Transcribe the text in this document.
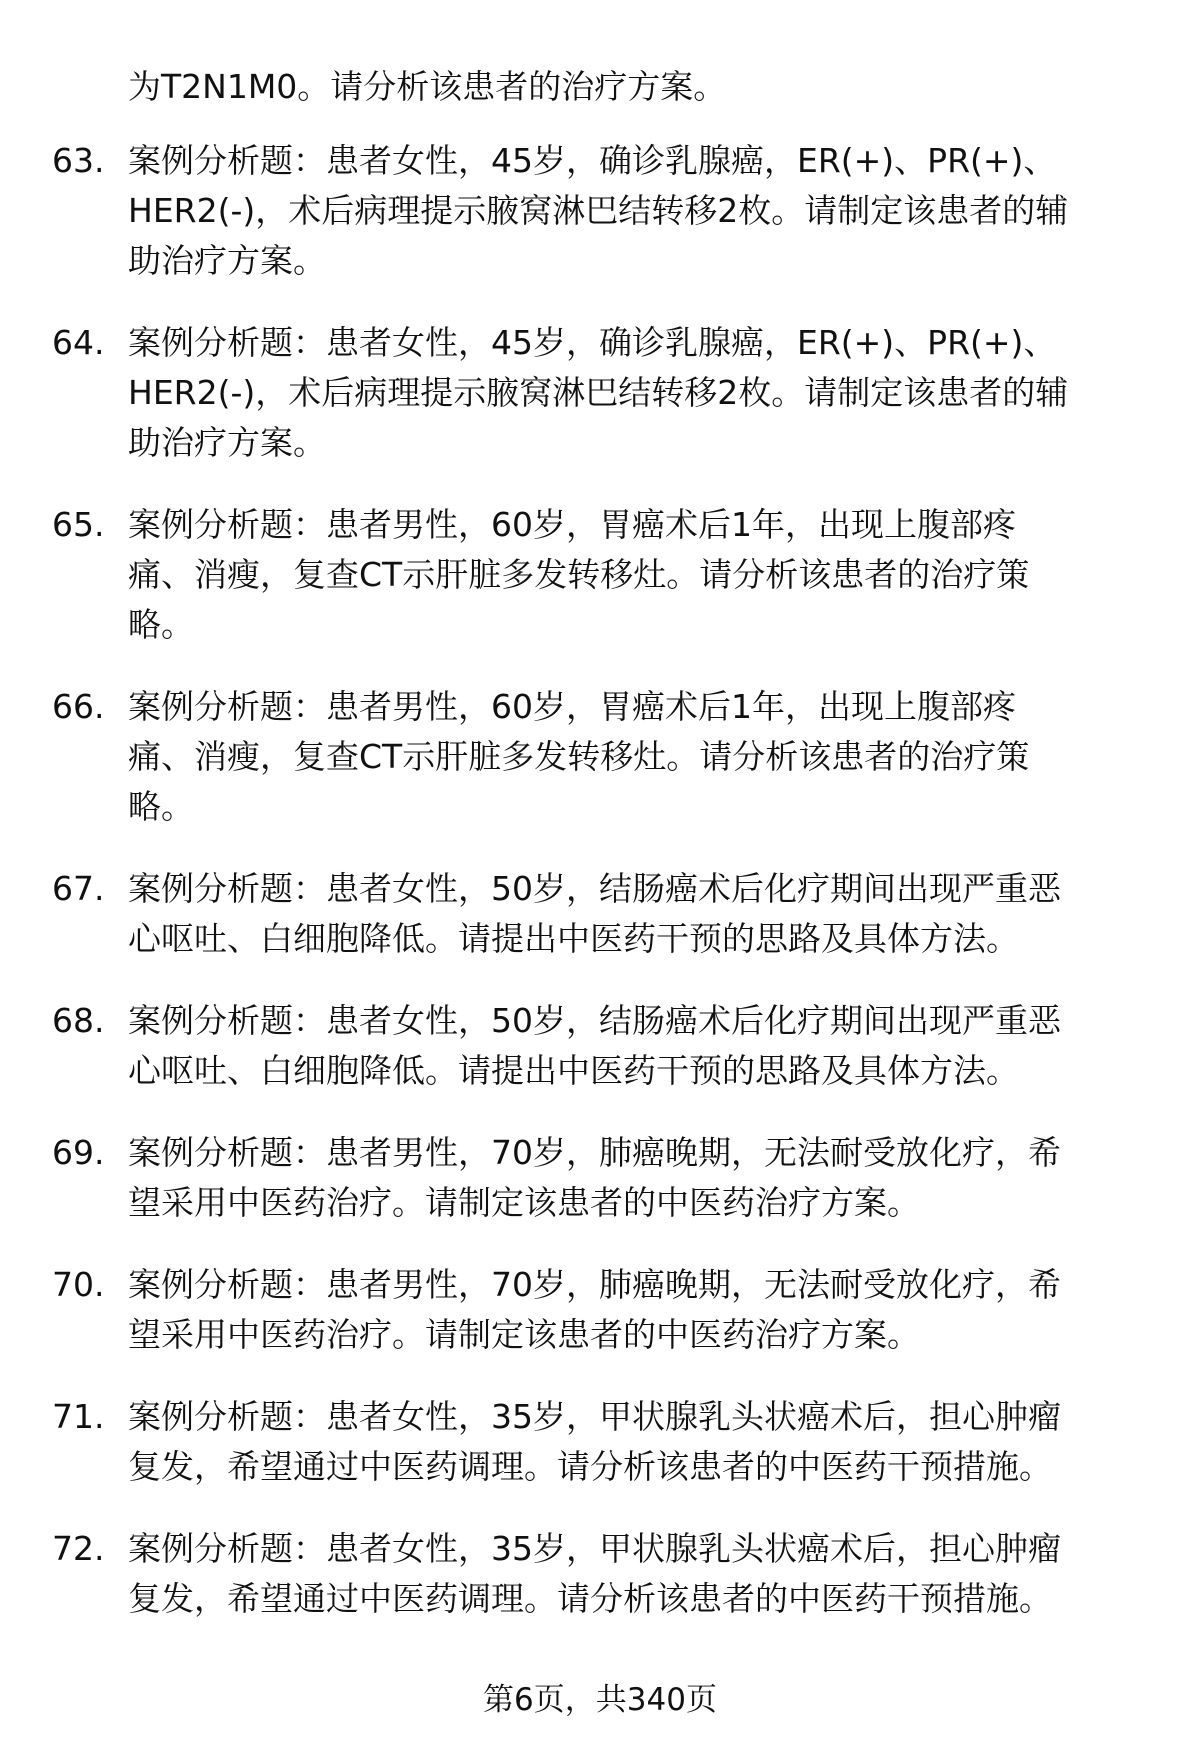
为T2N1M0。请分析该患者的治疗方案。
63. 案例分析题：患者女性，45岁，确诊乳腺癌，ER(+)、PR(+)、
HER2(-)，术后病理提示腋窝淋巴结转移2枚。请制定该患者的辅
助治疗方案。
64. 案例分析题：患者女性，45岁，确诊乳腺癌，ER(+)、PR(+)、
HER2(-)，术后病理提示腋窝淋巴结转移2枚。请制定该患者的辅
助治疗方案。
65. 案例分析题：患者男性，60岁，胃癌术后1年，出现上腹部疼
痛、消瘦，复查CT示肝脏多发转移灶。请分析该患者的治疗策
略。
66. 案例分析题：患者男性，60岁，胃癌术后1年，出现上腹部疼
痛、消瘦，复查CT示肝脏多发转移灶。请分析该患者的治疗策
略。
67. 案例分析题：患者女性，50岁，结肠癌术后化疗期间出现严重恶
心呕吐、白细胞降低。请提出中医药干预的思路及具体方法。
68. 案例分析题：患者女性，50岁，结肠癌术后化疗期间出现严重恶
心呕吐、白细胞降低。请提出中医药干预的思路及具体方法。
69. 案例分析题：患者男性，70岁，肺癌晚期，无法耐受放化疗，希
望采用中医药治疗。请制定该患者的中医药治疗方案。
70. 案例分析题：患者男性，70岁，肺癌晚期，无法耐受放化疗，希
望采用中医药治疗。请制定该患者的中医药治疗方案。
71. 案例分析题：患者女性，35岁，甲状腺乳头状癌术后，担心肿瘤
复发，希望通过中医药调理。请分析该患者的中医药干预措施。
72. 案例分析题：患者女性，35岁，甲状腺乳头状癌术后，担心肿瘤
复发，希望通过中医药调理。请分析该患者的中医药干预措施。
第6页，共340页
